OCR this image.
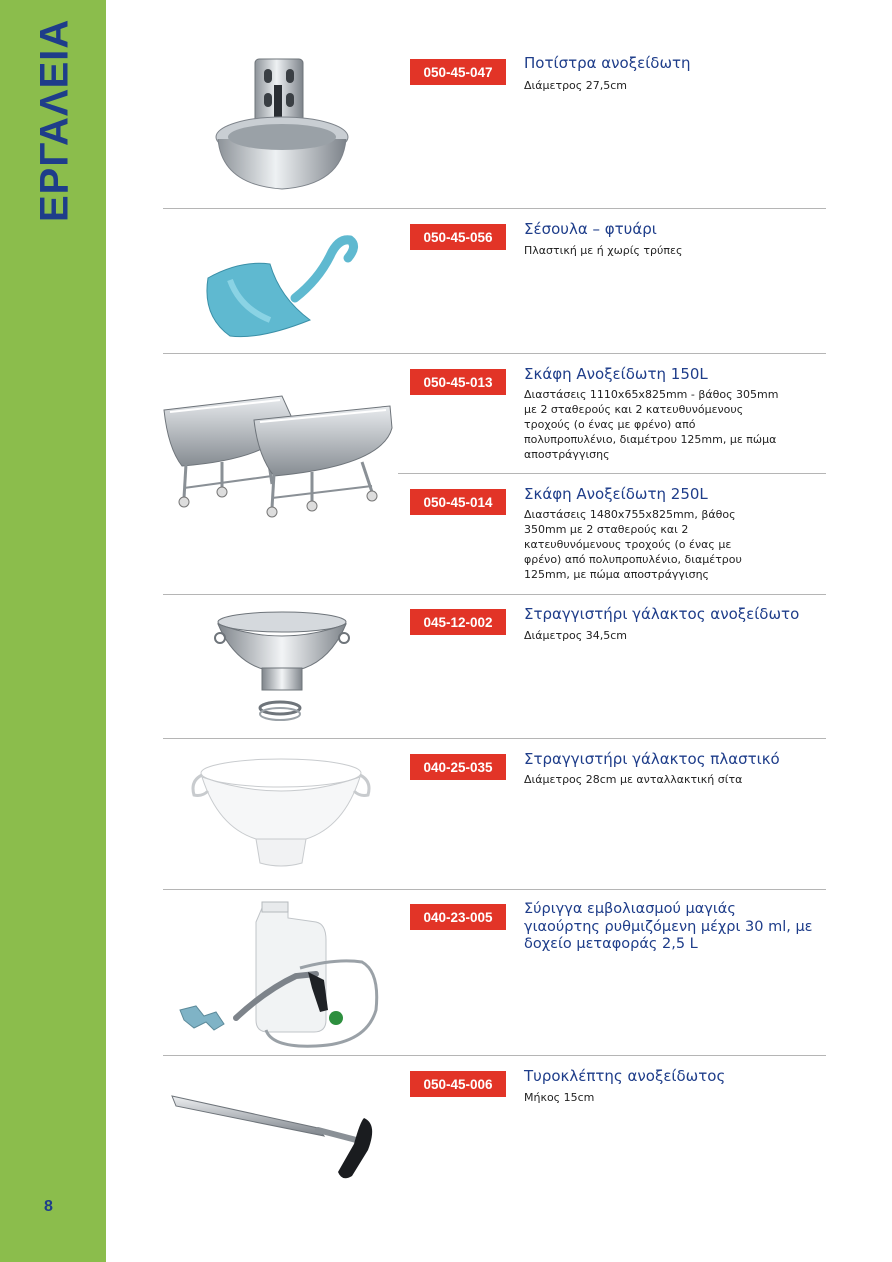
ΕΡΓΑΛΕΙΑ
8
050-45-047	Ποτίστρα ανοξείδωτη
Διάμετρος 27,5cm
050-45-056	Σέσουλα – φτυάρι
Πλαστική με ή χωρίς τρύπες
050-45-013	Σκάφη Ανοξείδωτη 150L
Διαστάσεις 1110x65x825mm - βάθος 305mm με 2 σταθερούς και 2 κατευθυνόμενους τροχούς (ο ένας με φρένο) από πολυπροπυλένιο, διαμέτρου 125mm, με πώμα αποστράγγισης
050-45-014	Σκάφη Ανοξείδωτη 250L
Διαστάσεις 1480x755x825mm, βάθος 350mm με 2 σταθερούς και 2 κατευθυνόμενους τροχούς (ο ένας με φρένο) από πολυπροπυλένιο, διαμέτρου 125mm, με πώμα αποστράγγισης
045-12-002	Στραγγιστήρι γάλακτος ανοξείδωτο
Διάμετρος 34,5cm
040-25-035	Στραγγιστήρι γάλακτος πλαστικό
Διάμετρος 28cm με ανταλλακτική σίτα
040-23-005	Σύριγγα εμβολιασμού μαγιάς γιαούρτης ρυθμιζόμενη μέχρι 30 ml, με δοχείο μεταφοράς 2,5 L
050-45-006	Τυροκλέπτης ανοξείδωτος
Μήκος 15cm
